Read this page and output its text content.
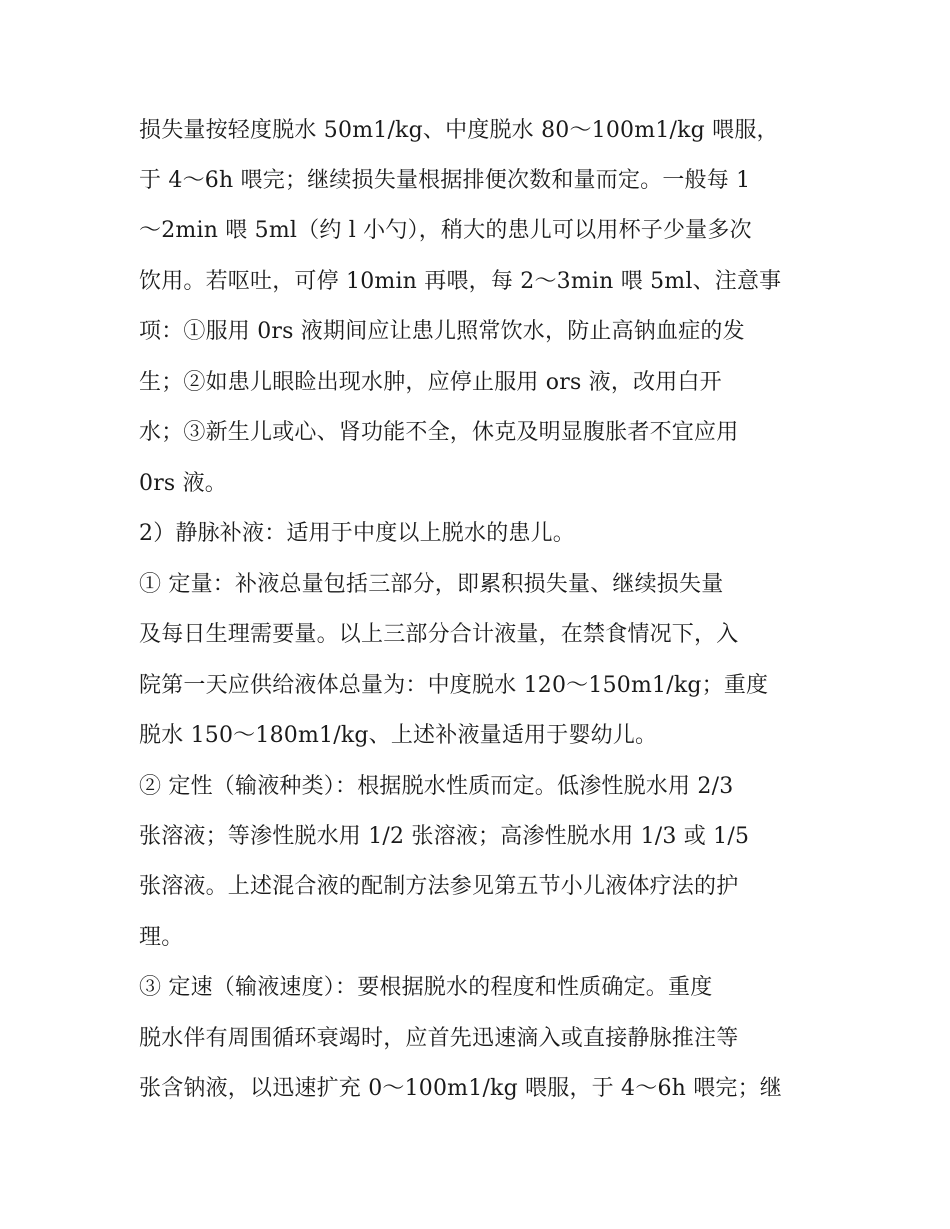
损失量按轻度脱水 50m1/kg、中度脱水 80～100m1/kg 喂服，
于 4～6h 喂完；继续损失量根据排便次数和量而定。一般每 1
～2min 喂 5ml（约 l 小勺），稍大的患儿可以用杯子少量多次
饮用。若呕吐，可停 10min 再喂，每 2～3min 喂 5ml、注意事
项：①服用 0rs 液期间应让患儿照常饮水，防止高钠血症的发
生；②如患儿眼睑出现水肿，应停止服用 ors 液，改用白开
水；③新生儿或心、肾功能不全，休克及明显腹胀者不宜应用
0rs 液。
2）静脉补液：适用于中度以上脱水的患儿。
① 定量：补液总量包括三部分，即累积损失量、继续损失量
及每日生理需要量。以上三部分合计液量，在禁食情况下，入
院第一天应供给液体总量为：中度脱水 120～150m1/kg；重度
脱水 150～180m1/kg、上述补液量适用于婴幼儿。
② 定性（输液种类）：根据脱水性质而定。低渗性脱水用 2/3
张溶液；等渗性脱水用 1/2 张溶液；高渗性脱水用 1/3 或 1/5
张溶液。上述混合液的配制方法参见第五节小儿液体疗法的护
理。
③ 定速（输液速度）：要根据脱水的程度和性质确定。重度
脱水伴有周围循环衰竭时，应首先迅速滴入或直接静脉推注等
张含钠液，以迅速扩充 0～100m1/kg 喂服，于 4～6h 喂完；继
